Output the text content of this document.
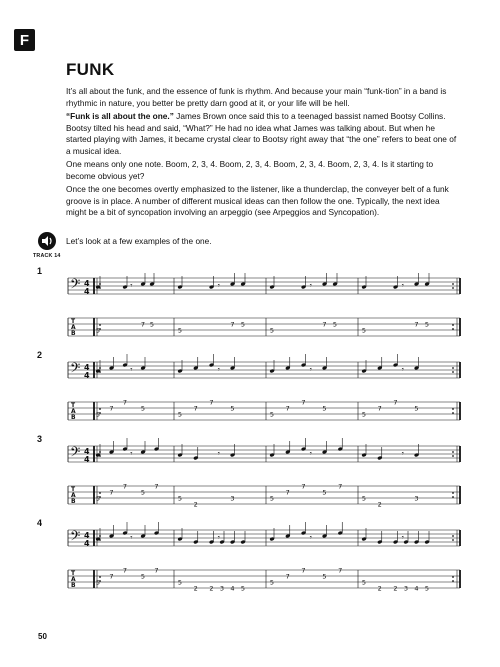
F
FUNK

It’s all about the funk, and the essence of funk is rhythm. And because your main “funk-tion” in a band is rhythmic in nature, you better be pretty darn good at it, or your life will be hell.

“Funk is all about the one.” James Brown once said this to a teenaged bassist named Bootsy Collins. Bootsy tilted his head and said, “What?” He had no idea what James was talking about. But when he started playing with James, it became crystal clear to Bootsy right away that “the one” refers to beat one of a musical idea.

One means only one note. Boom, 2, 3, 4. Boom, 2, 3, 4. Boom, 2, 3, 4. Boom, 2, 3, 4. Is it starting to become obvious yet?

Once the one becomes overtly emphasized to the listener, like a thunderclap, the conveyer belt of a funk groove is in place. A number of different musical ideas can then follow the one. Typically, the next idea might be a bit of syncopation involving an arpeggio (see Arpeggios and Syncopation).

TRACK 14
Let’s look at a few examples of the one.
50
1
𝄢 4
4
T
A
B	5
7 5
𝄾
5
7 5
𝄾
5
7 5
𝄾
5
7 5
𝄾
2
𝄢 4
4
T
A
B	5
7
7
5
𝄾
5
7
7
5
𝄾
5
7
7
5
𝄾
5
7
7
5
𝄾
3
𝄢 4
4
T
A
B	5
7
7
5
7
𝄾
5
2
3
𝄾
5
7
7
5
7
𝄾
5
2
3
𝄾
4
𝄢 4
4
T
A
B	5
7
7
5
7
𝄾
5
2 2 3 4 5
𝄾
5
7
7
5
7
𝄾
5
2 2 3 4 5
𝄾
